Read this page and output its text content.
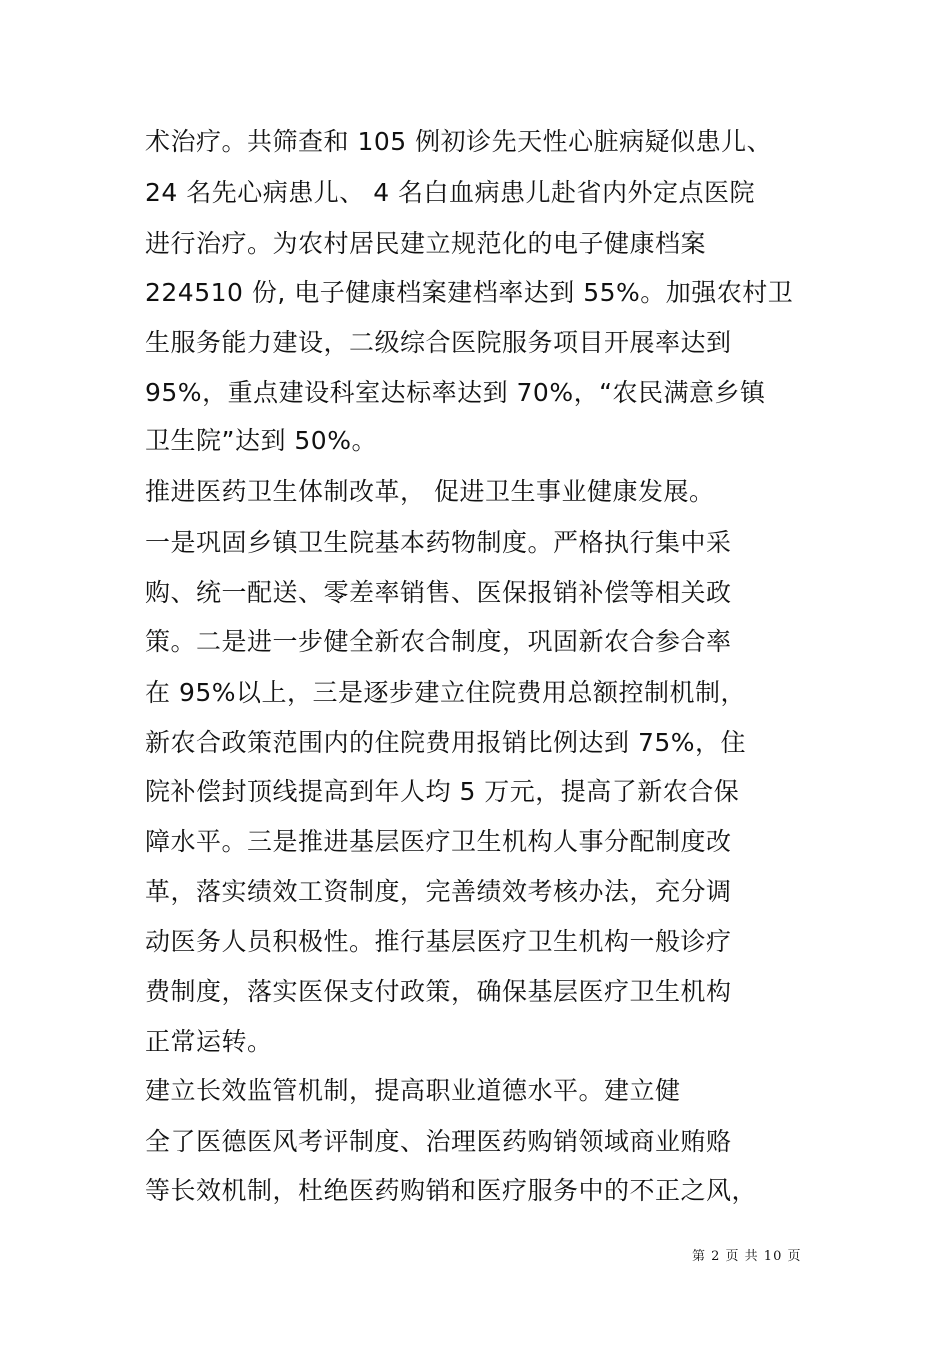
术治疗。共筛查和 105 例初诊先天性心脏病疑似患儿、
24 名先心病患儿、 4 名白血病患儿赴省内外定点医院
进行治疗。为农村居民建立规范化的电子健康档案
224510 份, 电子健康档案建档率达到 55%。加强农村卫
生服务能力建设，二级综合医院服务项目开展率达到
95%，重点建设科室达标率达到 70%，“农民满意乡镇
卫生院”达到 50%。
推进医药卫生体制改革， 促进卫生事业健康发展。
一是巩固乡镇卫生院基本药物制度。严格执行集中采
购、统一配送、零差率销售、医保报销补偿等相关政
策。二是进一步健全新农合制度，巩固新农合参合率
在 95%以上，三是逐步建立住院费用总额控制机制，
新农合政策范围内的住院费用报销比例达到 75%，住
院补偿封顶线提高到年人均 5 万元，提高了新农合保
障水平。三是推进基层医疗卫生机构人事分配制度改
革，落实绩效工资制度，完善绩效考核办法，充分调
动医务人员积极性。推行基层医疗卫生机构一般诊疗
费制度，落实医保支付政策，确保基层医疗卫生机构
正常运转。
建立长效监管机制，提高职业道德水平。建立健
全了医德医风考评制度、治理医药购销领域商业贿赂
等长效机制，杜绝医药购销和医疗服务中的不正之风，
第 2 页 共 10 页
